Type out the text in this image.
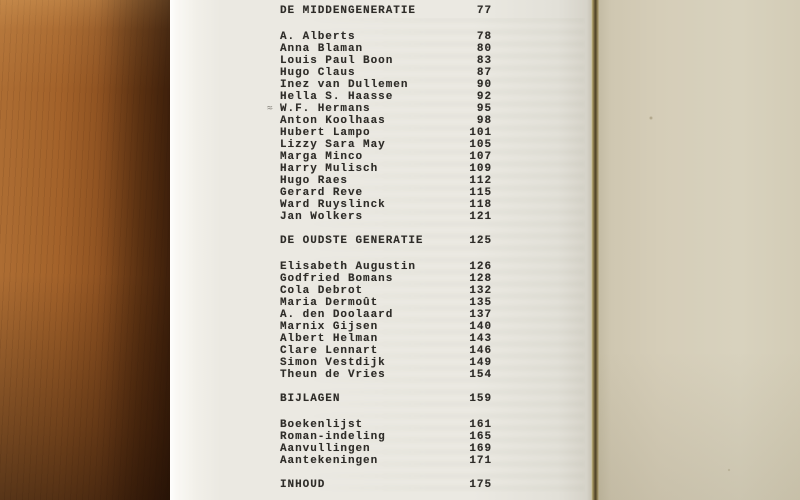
DE MIDDENGENERATIE	77
A. Alberts	78
Anna Blaman	80
Louis Paul Boon	83
Hugo Claus	87
Inez van Dullemen	90
Hella S. Haasse	92
≈ W.F. Hermans	95
Anton Koolhaas	98
Hubert Lampo	101
Lizzy Sara May	105
Marga Minco	107
Harry Mulisch	109
Hugo Raes	112
Gerard Reve	115
Ward Ruyslinck	118
Jan Wolkers	121
DE OUDSTE GENERATIE	125
Elisabeth Augustin	126
Godfried Bomans	128
Cola Debrot	132
Maria Dermoût	135
A. den Doolaard	137
Marnix Gijsen	140
Albert Helman	143
Clare Lennart	146
Simon Vestdijk	149
Theun de Vries	154
BIJLAGEN	159
Boekenlijst	161
Roman-indeling	165
Aanvullingen	169
Aantekeningen	171
INHOUD	175
